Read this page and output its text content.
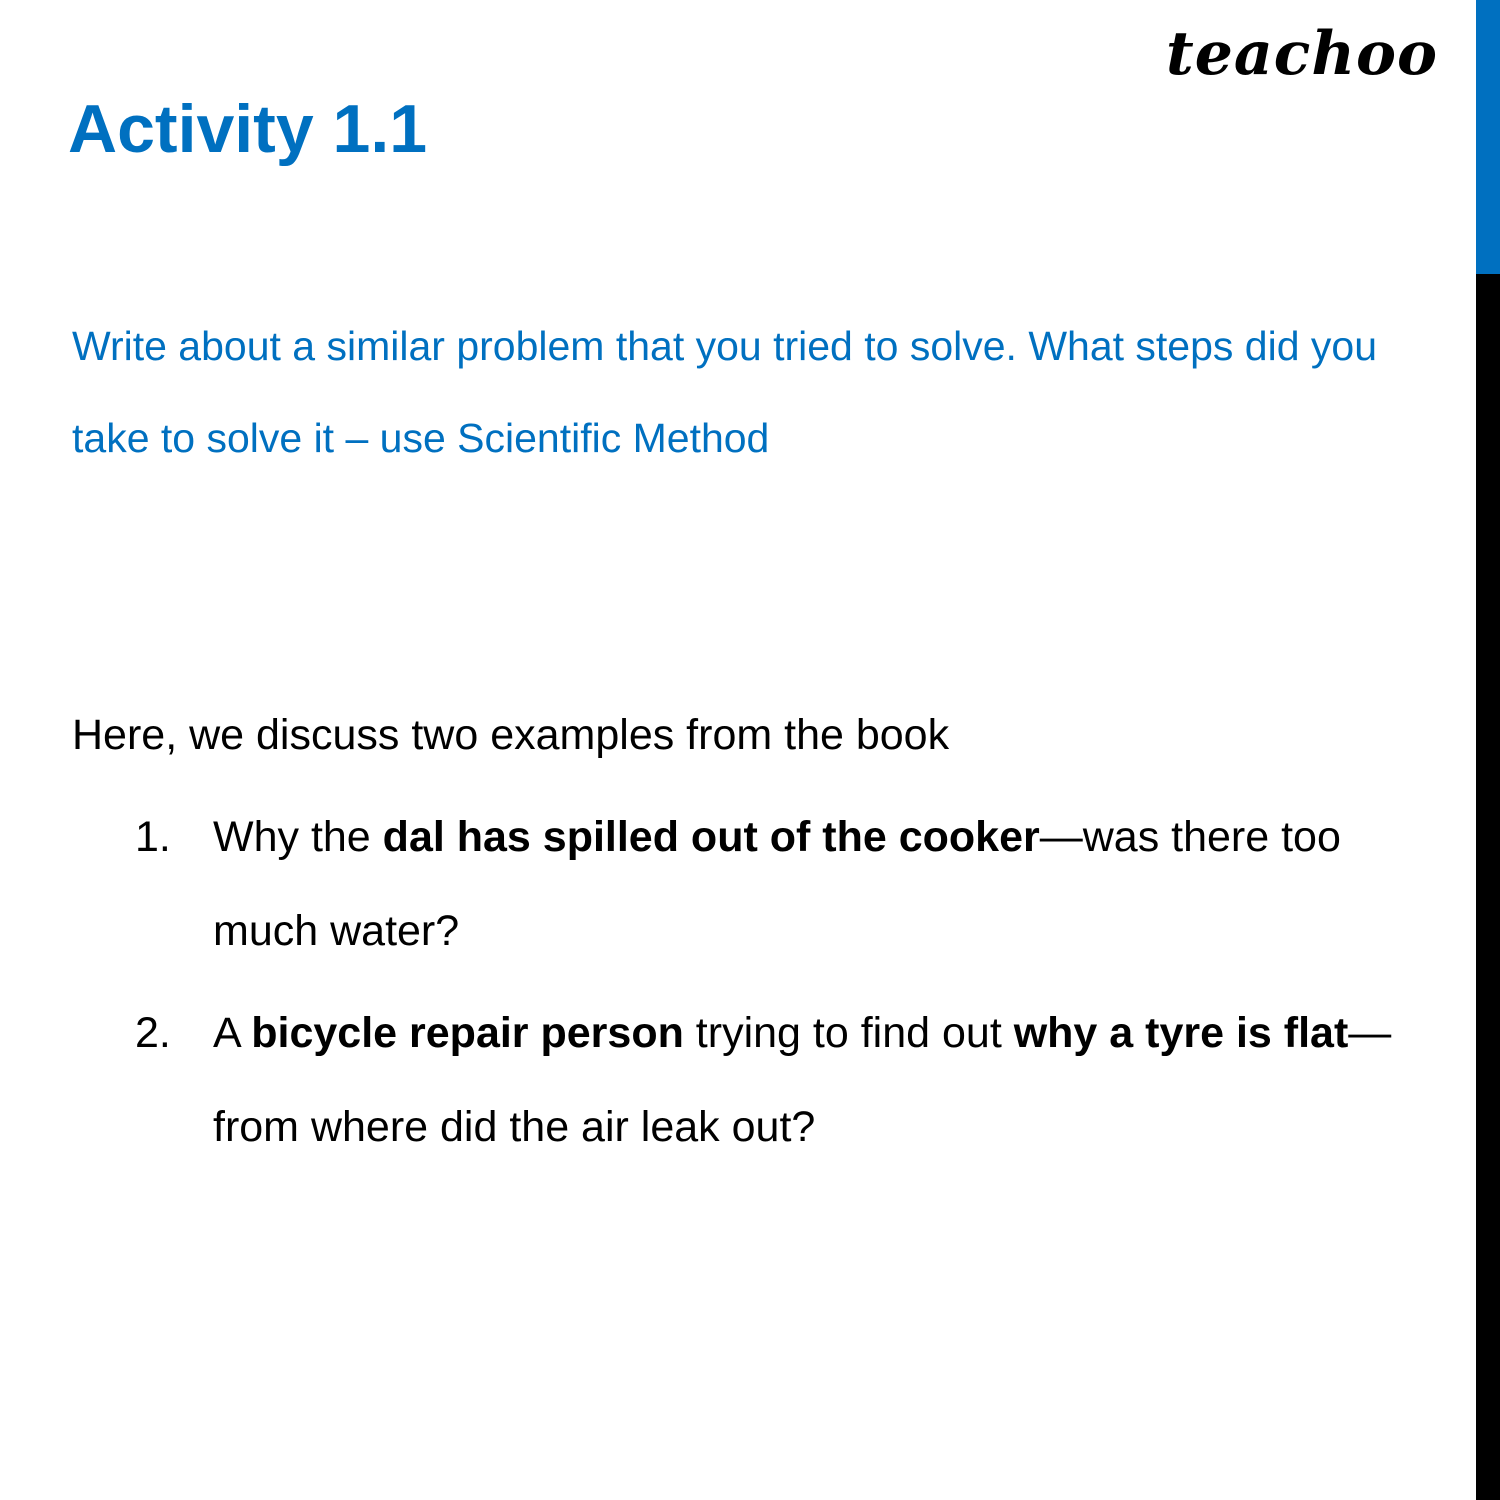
teachoo
Activity 1.1

Write about a similar problem that you tried to solve. What steps did you take to solve it – use Scientific Method

Here, we discuss two examples from the book

1. Why the dal has spilled out of the cooker—was there too much water?
2. A bicycle repair person trying to find out why a tyre is flat—from where did the air leak out?
